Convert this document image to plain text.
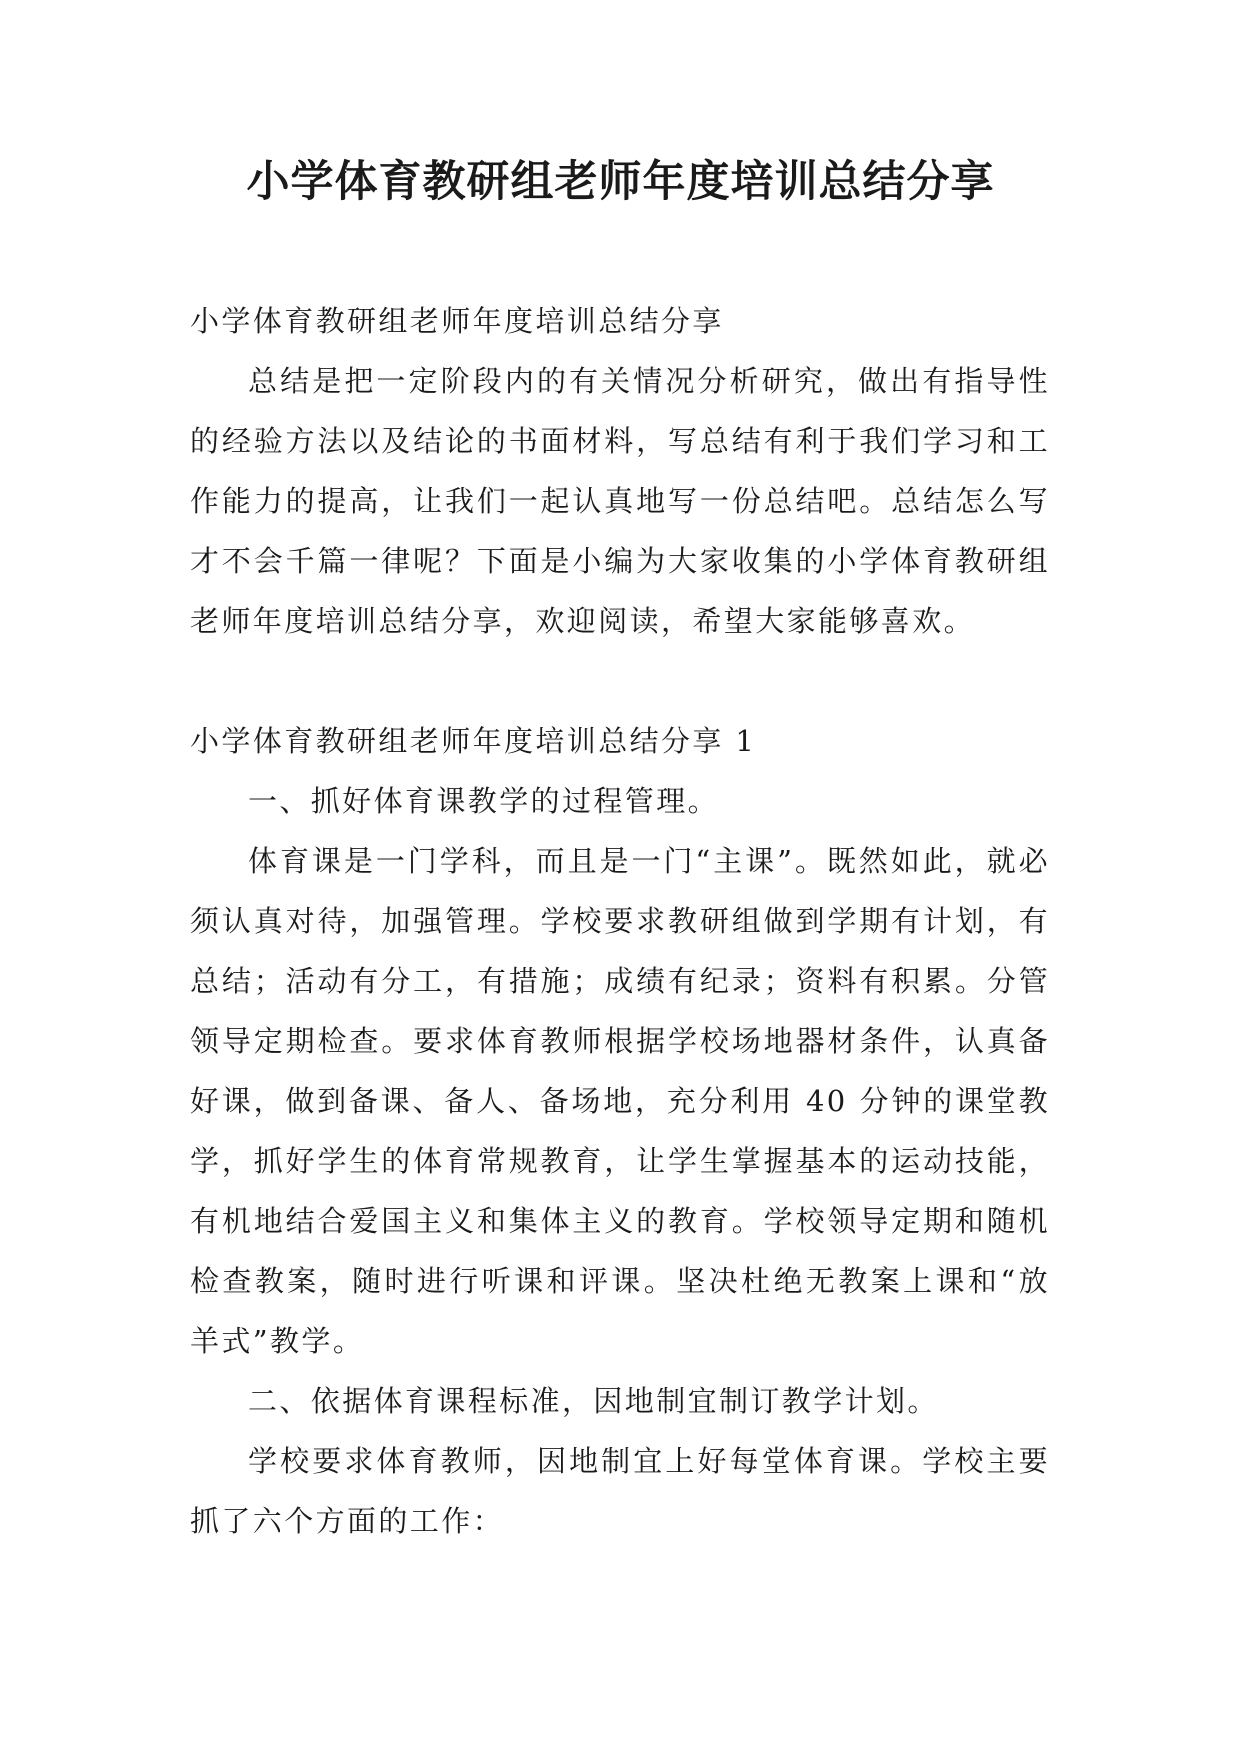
小学体育教研组老师年度培训总结分享

小学体育教研组老师年度培训总结分享

总结是把一定阶段内的有关情况分析研究，做出有指导性的经验方法以及结论的书面材料，写总结有利于我们学习和工作能力的提高，让我们一起认真地写一份总结吧。总结怎么写才不会千篇一律呢？下面是小编为大家收集的小学体育教研组老师年度培训总结分享，欢迎阅读，希望大家能够喜欢。

小学体育教研组老师年度培训总结分享 1

一、抓好体育课教学的过程管理。

体育课是一门学科，而且是一门“主课”。既然如此，就必须认真对待，加强管理。学校要求教研组做到学期有计划，有总结；活动有分工，有措施；成绩有纪录；资料有积累。分管领导定期检查。要求体育教师根据学校场地器材条件，认真备好课，做到备课、备人、备场地，充分利用 40 分钟的课堂教学，抓好学生的体育常规教育，让学生掌握基本的运动技能，有机地结合爱国主义和集体主义的教育。学校领导定期和随机检查教案，随时进行听课和评课。坚决杜绝无教案上课和“放羊式”教学。

二、依据体育课程标准，因地制宜制订教学计划。

学校要求体育教师，因地制宜上好每堂体育课。学校主要抓了六个方面的工作：
